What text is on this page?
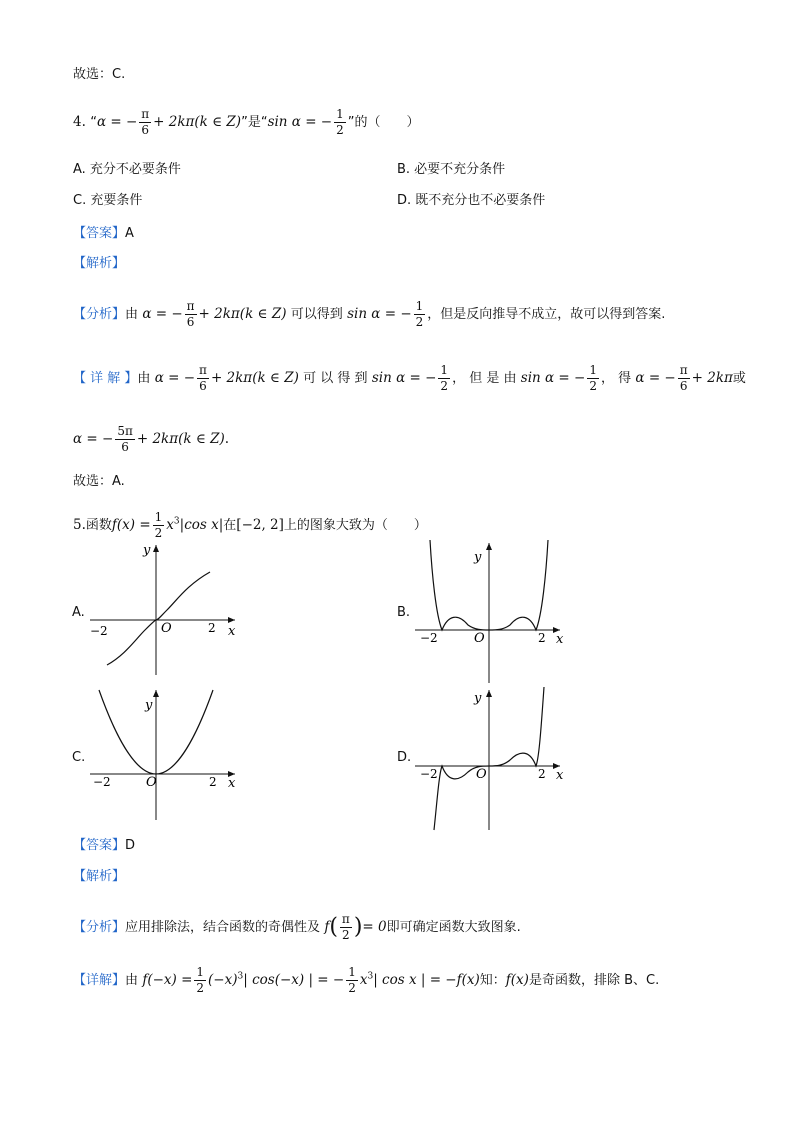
故选：C.
4. “α = − $\frac{\pi}{6} + 2k\pi(k$ ∈ Z)”是“sin α = − $\frac{1}{2}$ ”的（　　）
A. 充分不必要条件	B. 必要不充分条件
C. 充要条件	D. 既不充分也不必要条件
【答案】A
【解析】
【分析】由 α = − $\frac{\pi}{6} + 2k\pi(k$ ∈ Z) 可以得到 sin α = − $\frac{1}{2}$ ，但是反向推导不成立，故可以得到答案.
【 详 解 】由 α = − $\frac{\pi}{6} + 2k\pi(k$ ∈ Z) 可 以 得 到 sin α = − $\frac{1}{2}$ ， 但 是 由 sin α = − $\frac{1}{2}$ ， 得 α = − $\frac{\pi}{6} + 2k\pi$或
α = − $\frac{5\pi}{6} + 2k\pi(k$ ∈ Z).
故选：A.
5.函数$f(x) = \frac{1}{2} x^3|\cos$ x|在[−2, 2]上的图象大致为（　　）
A.	B.
C.	D.
O
−2	2 x
y
O
−2	2 x
y
O
−2	2 x
y
O
−2	2 x
y
【答案】D
【解析】
【分析】应用排除法，结合函数的奇偶性及 $f( \frac{\pi}{2}$ )= 0即可确定函数大致图象.
【详解】由 $f(-x) = \frac{1}{2} (-x)^3|$ cos(−x) | = − $\frac{1}{2} x^3|$ cos x | = −f(x)知：f(x)是奇函数，排除 B、C.
